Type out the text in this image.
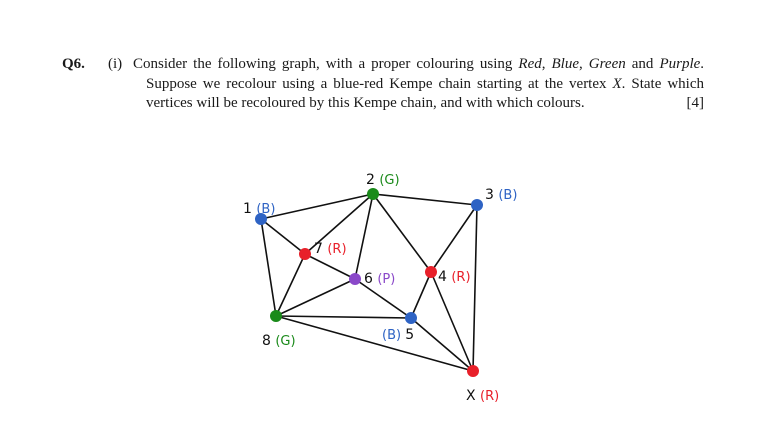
Q6. (i) Consider the following graph, with a proper colouring using Red, Blue, Green and Purple. Suppose we recolour using a blue-red Kempe chain starting at the vertex X. State which vertices will be recoloured by this Kempe chain, and with which colours.	[4]
1 (B)
2 (G)
3 (B)
4 (R)
(B) 5
6 (P)
7 (R)
8 (G)
X (R)
